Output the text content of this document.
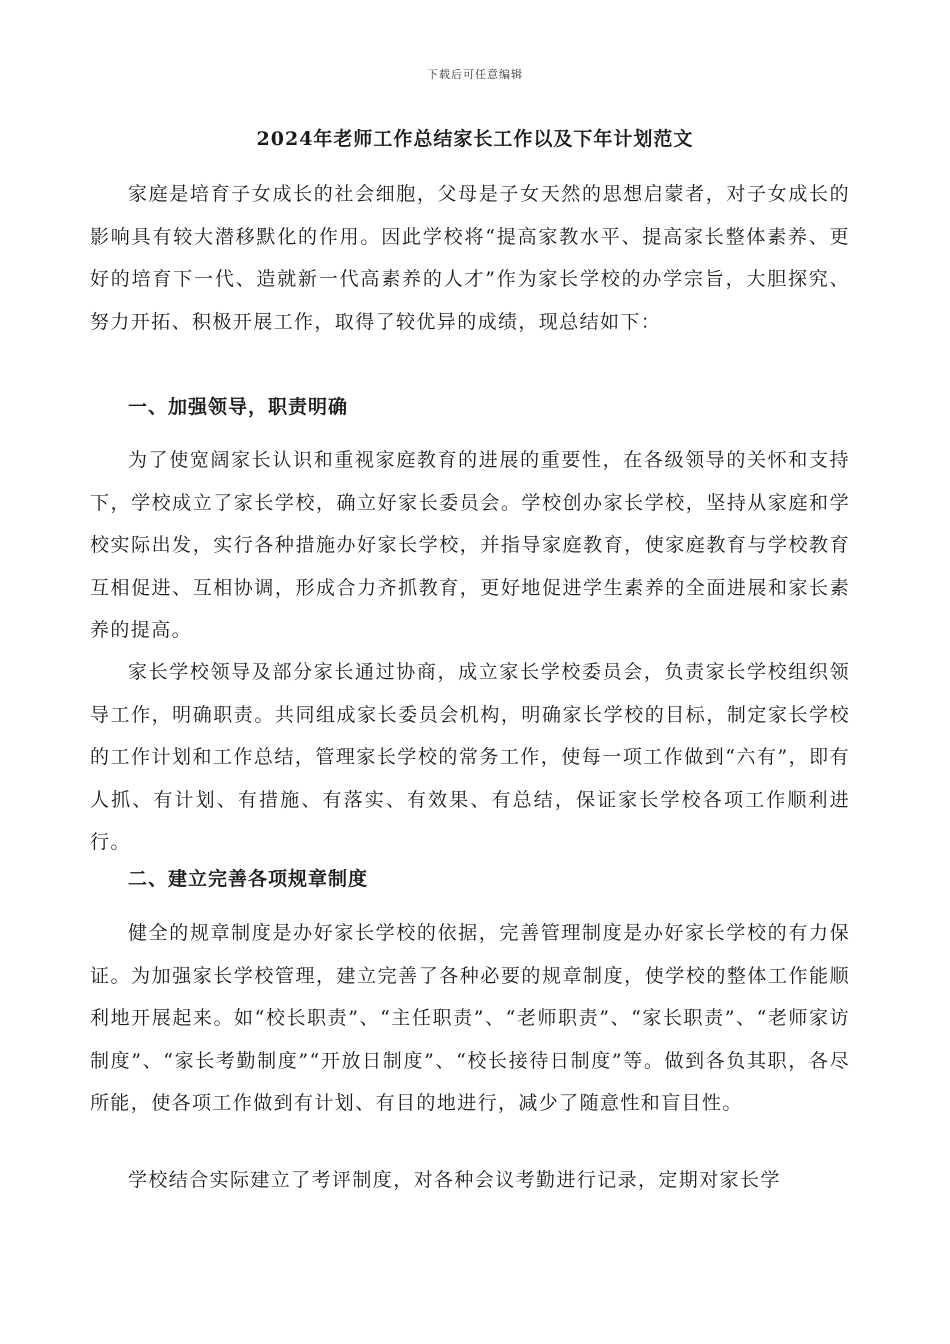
下载后可任意编辑
2024年老师工作总结家长工作以及下年计划范文

家庭是培育子女成长的社会细胞，父母是子女天然的思想启蒙者，对子女成长的影响具有较大潜移默化的作用。因此学校将“提高家教水平、提高家长整体素养、更好的培育下一代、造就新一代高素养的人才”作为家长学校的办学宗旨，大胆探究、努力开拓、积极开展工作，取得了较优异的成绩，现总结如下：

一、加强领导，职责明确

为了使宽阔家长认识和重视家庭教育的进展的重要性，在各级领导的关怀和支持下，学校成立了家长学校，确立好家长委员会。学校创办家长学校，坚持从家庭和学校实际出发，实行各种措施办好家长学校，并指导家庭教育，使家庭教育与学校教育互相促进、互相协调，形成合力齐抓教育，更好地促进学生素养的全面进展和家长素养的提高。

家长学校领导及部分家长通过协商，成立家长学校委员会，负责家长学校组织领导工作，明确职责。共同组成家长委员会机构，明确家长学校的目标，制定家长学校的工作计划和工作总结，管理家长学校的常务工作，使每一项工作做到“六有”，即有人抓、有计划、有措施、有落实、有效果、有总结，保证家长学校各项工作顺利进行。

二、建立完善各项规章制度

健全的规章制度是办好家长学校的依据，完善管理制度是办好家长学校的有力保证。为加强家长学校管理，建立完善了各种必要的规章制度，使学校的整体工作能顺利地开展起来。如“校长职责”、“主任职责”、“老师职责”、“家长职责”、“老师家访制度”、“家长考勤制度”“开放日制度”、“校长接待日制度”等。做到各负其职，各尽所能，使各项工作做到有计划、有目的地进行，减少了随意性和盲目性。

学校结合实际建立了考评制度，对各种会议考勤进行记录，定期对家长学
